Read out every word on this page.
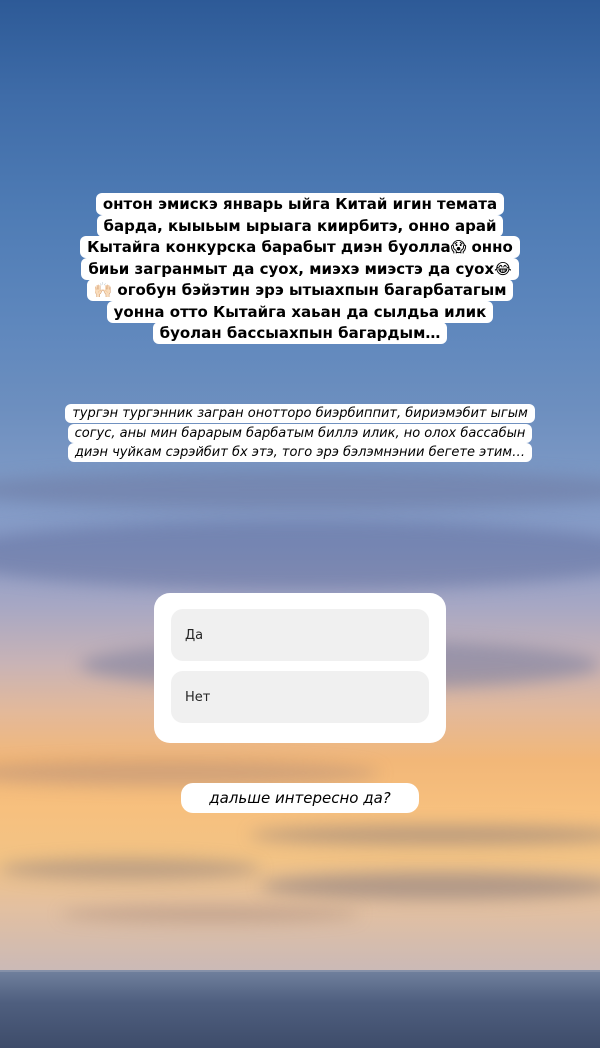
онтон эмискэ январь ыйга Китай игин темата барда, кыыьым ырыага киирбитэ, онно арай Кытайга конкурска барабыт диэн буолла😱 онно биьи загранмыт да суох, миэхэ миэстэ да суох😂🙌🏻 огобун бэйэтин эрэ ытыахпын багарбатагым уонна отто Кытайга хаьан да сылдьа илик буолан бассыахпын багардым…
тургэн тургэнник загран онотторо биэрбиппит, бириэмэбит ыгым согус, аны мин барарым барбатым биллэ илик, но олох бассабын диэн чуйкам сэрэйбит бх этэ, того эрэ бэлэмнэнии бегете этим…
Да
Нет
дальше интересно да?
